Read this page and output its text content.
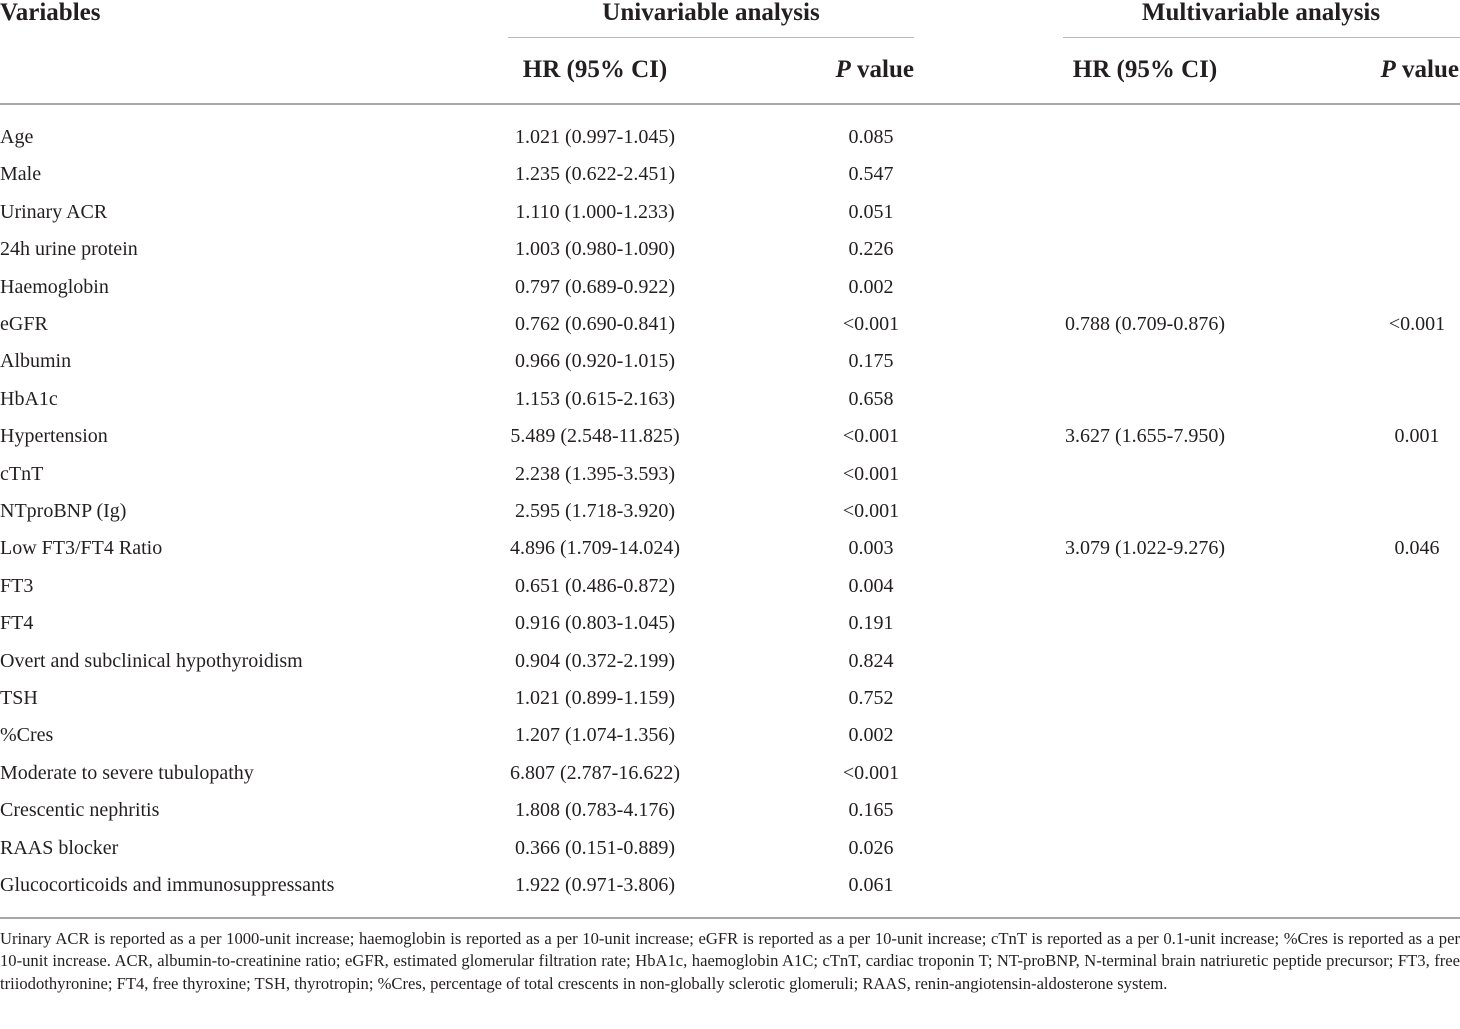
Variables	Univariable analysis	Multivariable analysis
HR (95% CI)	P value	HR (95% CI)	P value
Age	1.021 (0.997-1.045)	0.085
Male	1.235 (0.622-2.451)	0.547
Urinary ACR	1.110 (1.000-1.233)	0.051
24h urine protein	1.003 (0.980-1.090)	0.226
Haemoglobin	0.797 (0.689-0.922)	0.002
eGFR	0.762 (0.690-0.841)	<0.001	0.788 (0.709-0.876)	<0.001
Albumin	0.966 (0.920-1.015)	0.175
HbA1c	1.153 (0.615-2.163)	0.658
Hypertension	5.489 (2.548-11.825)	<0.001	3.627 (1.655-7.950)	0.001
cTnT	2.238 (1.395-3.593)	<0.001
NTproBNP (Ig)	2.595 (1.718-3.920)	<0.001
Low FT3/FT4 Ratio	4.896 (1.709-14.024)	0.003	3.079 (1.022-9.276)	0.046
FT3	0.651 (0.486-0.872)	0.004
FT4	0.916 (0.803-1.045)	0.191
Overt and subclinical hypothyroidism	0.904 (0.372-2.199)	0.824
TSH	1.021 (0.899-1.159)	0.752
%Cres	1.207 (1.074-1.356)	0.002
Moderate to severe tubulopathy	6.807 (2.787-16.622)	<0.001
Crescentic nephritis	1.808 (0.783-4.176)	0.165
RAAS blocker	0.366 (0.151-0.889)	0.026
Glucocorticoids and immunosuppressants	1.922 (0.971-3.806)	0.061
Urinary ACR is reported as a per 1000-unit increase; haemoglobin is reported as a per 10-unit increase; eGFR is reported as a per 10-unit increase; cTnT is reported as a per 0.1-unit increase; %Cres is reported as a per 10-unit increase. ACR, albumin-to-creatinine ratio; eGFR, estimated glomerular filtration rate; HbA1c, haemoglobin A1C; cTnT, cardiac troponin T; NT-proBNP, N-terminal brain natriuretic peptide precursor; FT3, free triiodothyronine; FT4, free thyroxine; TSH, thyrotropin; %Cres, percentage of total crescents in non-globally sclerotic glomeruli; RAAS, renin-angiotensin-aldosterone system.
